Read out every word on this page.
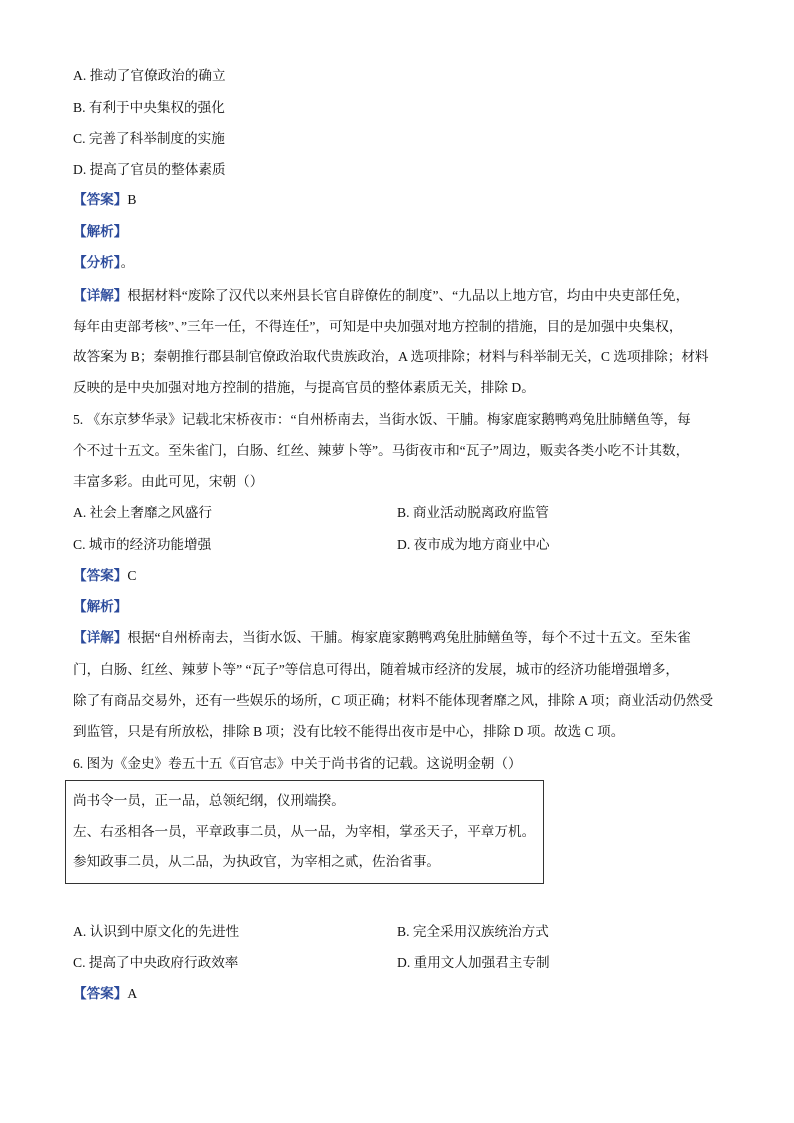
A. 推动了官僚政治的确立
B. 有利于中央集权的强化
C. 完善了科举制度的实施
D. 提高了官员的整体素质
【答案】B
【解析】
【分析】。
【详解】根据材料“废除了汉代以来州县长官自辟僚佐的制度”、“九品以上地方官，均由中央吏部任免，
每年由吏部考核”、”三年一任，不得连任”，可知是中央加强对地方控制的措施，目的是加强中央集权，
故答案为 B；秦朝推行郡县制官僚政治取代贵族政治，A 选项排除；材料与科举制无关，C 选项排除；材料
反映的是中央加强对地方控制的措施，与提高官员的整体素质无关，排除 D。
5. 《东京梦华录》记载北宋桥夜市：“自州桥南去，当街水饭、干脯。梅家鹿家鹅鸭鸡兔肚肺鳝鱼等，每
个不过十五文。至朱雀门，白肠、红丝、辣萝卜等”。马街夜市和“瓦子”周边，贩卖各类小吃不计其数，
丰富多彩。由此可见，宋朝（）
A. 社会上奢靡之风盛行	B. 商业活动脱离政府监管
C. 城市的经济功能增强	D. 夜市成为地方商业中心
【答案】C
【解析】
【详解】根据“自州桥南去，当街水饭、干脯。梅家鹿家鹅鸭鸡兔肚肺鳝鱼等，每个不过十五文。至朱雀
门，白肠、红丝、辣萝卜等” “瓦子”等信息可得出，随着城市经济的发展，城市的经济功能增强增多，
除了有商品交易外，还有一些娱乐的场所，C 项正确；材料不能体现奢靡之风，排除 A 项；商业活动仍然受
到监管，只是有所放松，排除 B 项；没有比较不能得出夜市是中心，排除 D 项。故选 C 项。
6. 图为《金史》卷五十五《百官志》中关于尚书省的记载。这说明金朝（）
尚书令一员，正一品，总领纪纲，仪刑端揆。
左、右丞相各一员，平章政事二员，从一品，为宰相，掌丞天子，平章万机。
参知政事二员，从二品，为执政官，为宰相之贰，佐治省事。
A. 认识到中原文化的先进性	B. 完全采用汉族统治方式
C. 提高了中央政府行政效率	D. 重用文人加强君主专制
【答案】A
